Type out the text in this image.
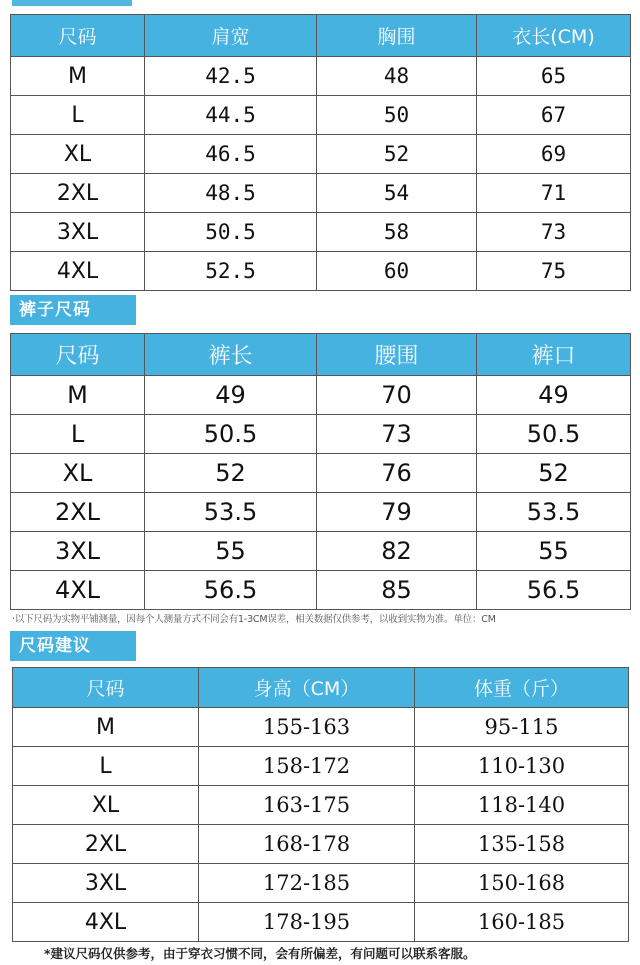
尺码	肩宽	胸围	衣长(CM)
M	42.5	48	65
L	44.5	50	67
XL	46.5	52	69
2XL	48.5	54	71
3XL	50.5	58	73
4XL	52.5	60	75
裤子尺码
尺码	裤长	腰围	裤口
M	49	70	49
L	50.5	73	50.5
XL	52	76	52
2XL	53.5	79	53.5
3XL	55	82	55
4XL	56.5	85	56.5
·以下尺码为实物平铺测量，因每个人测量方式不同会有1-3CM误差，相关数据仅供参考，以收到实物为准。单位：CM
尺码建议
尺码	身高（CM）	体重（斤）
M	155-163	95-115
L	158-172	110-130
XL	163-175	118-140
2XL	168-178	135-158
3XL	172-185	150-168
4XL	178-195	160-185
*建议尺码仅供参考，由于穿衣习惯不同，会有所偏差，有问题可以联系客服。
